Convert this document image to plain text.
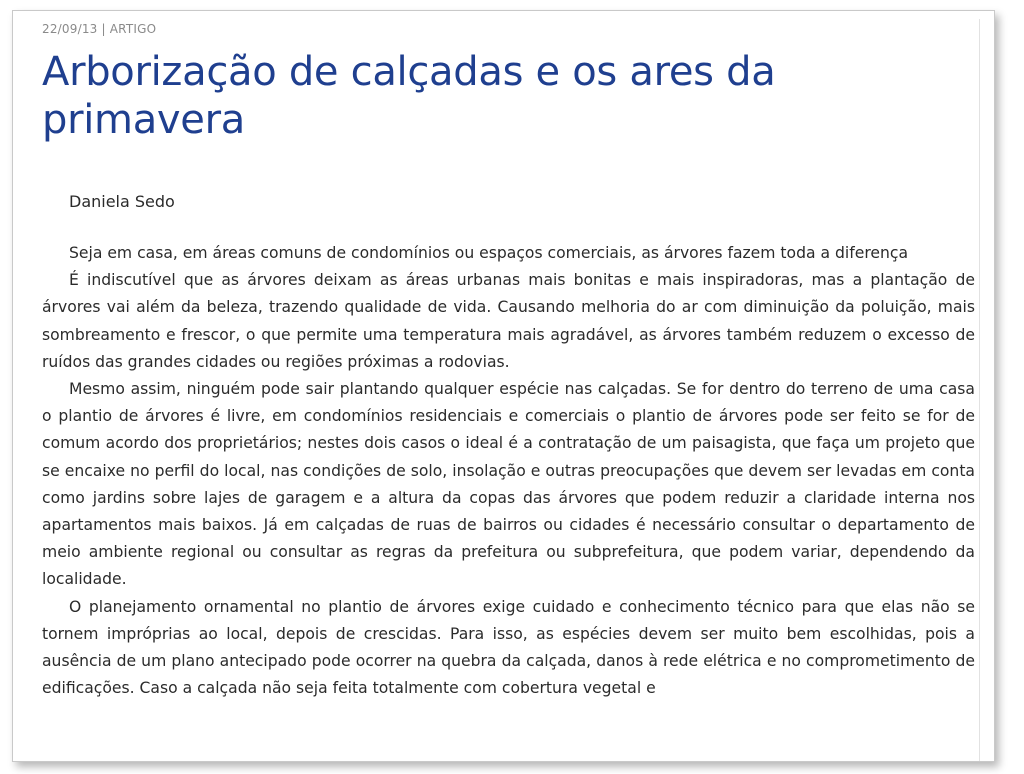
22/09/13 | ARTIGO
Arborização de calçadas e os ares da primavera
Daniela Sedo

Seja em casa, em áreas comuns de condomínios ou espaços comerciais, as árvores fazem toda a diferença

É indiscutível que as árvores deixam as áreas urbanas mais bonitas e mais inspiradoras, mas a plantação de árvores vai além da beleza, trazendo qualidade de vida. Causando melhoria do ar com diminuição da poluição, mais sombreamento e frescor, o que permite uma temperatura mais agradável, as árvores também reduzem o excesso de ruídos das grandes cidades ou regiões próximas a rodovias.

Mesmo assim, ninguém pode sair plantando qualquer espécie nas calçadas. Se for dentro do terreno de uma casa o plantio de árvores é livre, em condomínios residenciais e comerciais o plantio de árvores pode ser feito se for de comum acordo dos proprietários; nestes dois casos o ideal é a contratação de um paisagista, que faça um projeto que se encaixe no perfil do local, nas condições de solo, insolação e outras preocupações que devem ser levadas em conta como jardins sobre lajes de garagem e a altura da copas das árvores que podem reduzir a claridade interna nos apartamentos mais baixos. Já em calçadas de ruas de bairros ou cidades é necessário consultar o departamento de meio ambiente regional ou consultar as regras da prefeitura ou subprefeitura, que podem variar, dependendo da localidade.

O planejamento ornamental no plantio de árvores exige cuidado e conhecimento técnico para que elas não se tornem impróprias ao local, depois de crescidas. Para isso, as espécies devem ser muito bem escolhidas, pois a ausência de um plano antecipado pode ocorrer na quebra da calçada, danos à rede elétrica e no comprometimento de edificações. Caso a calçada não seja feita totalmente com cobertura vegetal e
